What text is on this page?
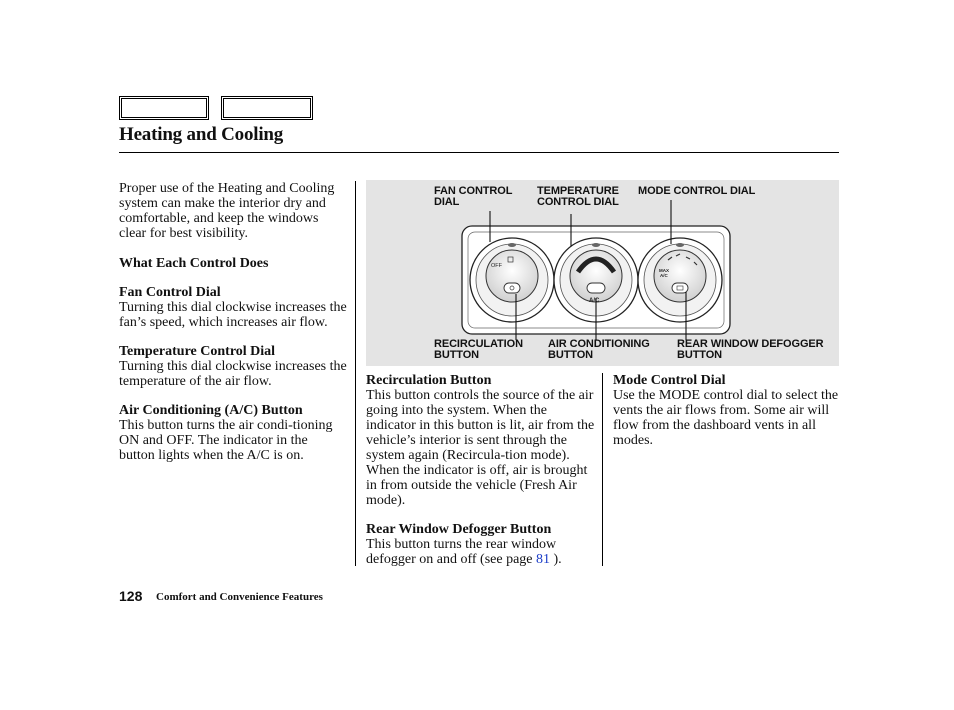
Heating and Cooling

Proper use of the Heating and Cooling system can make the interior dry and comfortable, and keep the windows clear for best visibility.

What Each Control Does
Fan Control Dial

Turning this dial clockwise increases the fan’s speed, which increases air flow.

Temperature Control Dial

Turning this dial clockwise increases the temperature of the air flow.

Air Conditioning (A/C) Button

This button turns the air condi-tioning ON and OFF. The indicator in the button lights when the A/C is on.

OFF
A/C
MAX
A/C
FAN CONTROL
DIAL
TEMPERATURE
CONTROL DIAL
MODE CONTROL DIAL
RECIRCULATION
BUTTON
AIR CONDITIONING
BUTTON
REAR WINDOW DEFOGGER
BUTTON
Recirculation Button

This button controls the source of the air going into the system. When the indicator in this button is lit, air from the vehicle’s interior is sent through the system again (Recircula-tion mode). When the indicator is off, air is brought in from outside the vehicle (Fresh Air mode).

Rear Window Defogger Button

This button turns the rear window defogger on and off (see page 81 ).

Mode Control Dial

Use the MODE control dial to select the vents the air flows from. Some air will flow from the dashboard vents in all modes.

128 Comfort and Convenience Features
